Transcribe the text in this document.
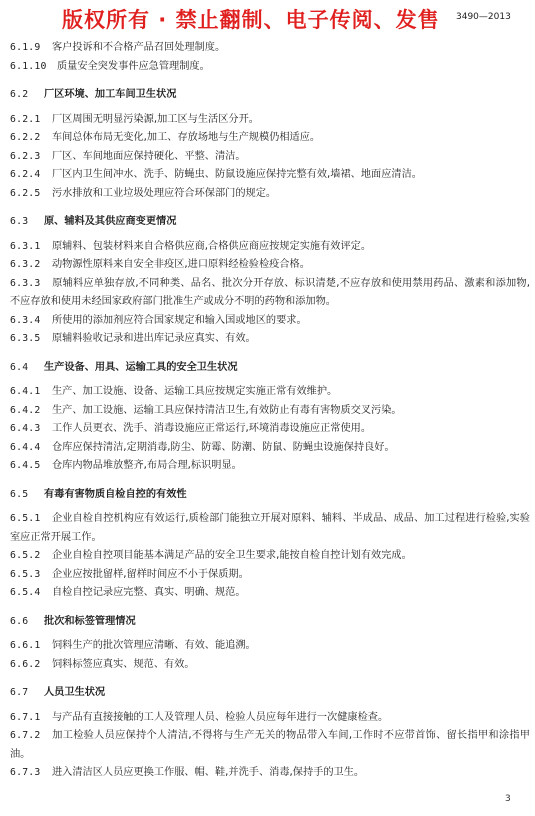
版权所有 · 禁止翻制、电子传阅、发售 3490—2013
6.1.9 客户投诉和不合格产品召回处理制度。
6.1.10 质量安全突发事件应急管理制度。
6.2 厂区环境、加工车间卫生状况
6.2.1 厂区周围无明显污染源,加工区与生活区分开。
6.2.2 车间总体布局无变化,加工、存放场地与生产规模仍相适应。
6.2.3 厂区、车间地面应保持硬化、平整、清洁。
6.2.4 厂区内卫生间冲水、洗手、防蝇虫、防鼠设施应保持完整有效,墙裙、地面应清洁。
6.2.5 污水排放和工业垃圾处理应符合环保部门的规定。
6.3 原、辅料及其供应商变更情况
6.3.1 原辅料、包装材料来自合格供应商,合格供应商应按规定实施有效评定。
6.3.2 动物源性原料来自安全非疫区,进口原料经检验检疫合格。
6.3.3 原辅料应单独存放,不同种类、品名、批次分开存放、标识清楚,不应存放和使用禁用药品、激素和添加物,不应存放和使用未经国家政府部门批准生产或成分不明的药物和添加物。
6.3.4 所使用的添加剂应符合国家规定和输入国或地区的要求。
6.3.5 原辅料验收记录和进出库记录应真实、有效。
6.4 生产设备、用具、运输工具的安全卫生状况
6.4.1 生产、加工设施、设备、运输工具应按规定实施正常有效维护。
6.4.2 生产、加工设施、运输工具应保持清洁卫生,有效防止有毒有害物质交叉污染。
6.4.3 工作人员更衣、洗手、消毒设施应正常运行,环境消毒设施应正常使用。
6.4.4 仓库应保持清洁,定期消毒,防尘、防霉、防潮、防鼠、防蝇虫设施保持良好。
6.4.5 仓库内物品堆放整齐,布局合理,标识明显。
6.5 有毒有害物质自检自控的有效性
6.5.1 企业自检自控机构应有效运行,质检部门能独立开展对原料、辅料、半成品、成品、加工过程进行检验,实验室应正常开展工作。
6.5.2 企业自检自控项目能基本满足产品的安全卫生要求,能按自检自控计划有效完成。
6.5.3 企业应按批留样,留样时间应不小于保质期。
6.5.4 自检自控记录应完整、真实、明确、规范。
6.6 批次和标签管理情况
6.6.1 饲料生产的批次管理应清晰、有效、能追溯。
6.6.2 饲料标签应真实、规范、有效。
6.7 人员卫生状况
6.7.1 与产品有直接接触的工人及管理人员、检验人员应每年进行一次健康检查。
6.7.2 加工检验人员应保持个人清洁,不得将与生产无关的物品带入车间,工作时不应带首饰、留长指甲和涂指甲油。
6.7.3 进入清洁区人员应更换工作服、帽、鞋,并洗手、消毒,保持手的卫生。
3
